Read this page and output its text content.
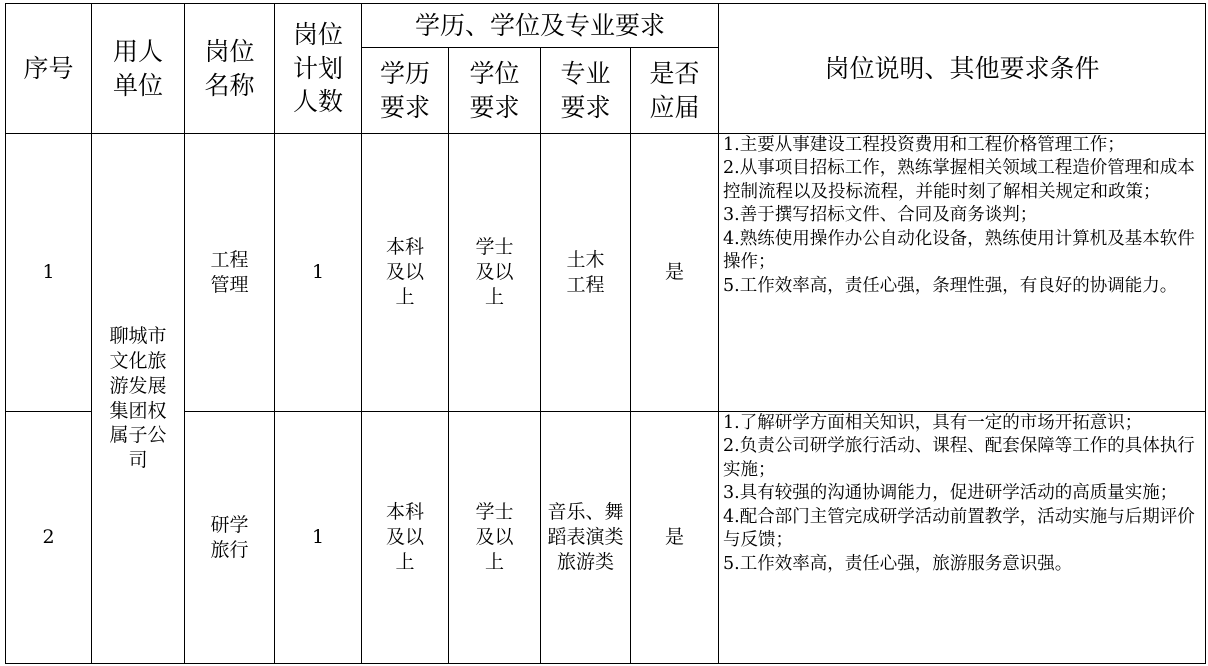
序号	用人单位	岗位名称	岗位计划人数	学历、学位及专业要求				岗位说明、其他要求条件
				学历要求	学位要求	专业要求	是否应届	
1	聊城市文化旅游发展集团权属子公司	工程管理	1	本科及以上	学士及以上	土木工程	是	1.主要从事建设工程投资费用和工程价格管理工作；
2.从事项目招标工作，熟练掌握相关领域工程造价管理和成本控制流程以及投标流程，并能时刻了解相关规定和政策；
3.善于撰写招标文件、合同及商务谈判；
4.熟练使用操作办公自动化设备，熟练使用计算机及基本软件操作；
5.工作效率高，责任心强，条理性强，有良好的协调能力。

2		研学旅行	1	本科及以上	学士及以上	音乐、舞蹈表演类旅游类	是	1.了解研学方面相关知识，具有一定的市场开拓意识；
2.负责公司研学旅行活动、课程、配套保障等工作的具体执行实施；
3.具有较强的沟通协调能力，促进研学活动的高质量实施；
4.配合部门主管完成研学活动前置教学，活动实施与后期评价与反馈；
5.工作效率高，责任心强，旅游服务意识强。
